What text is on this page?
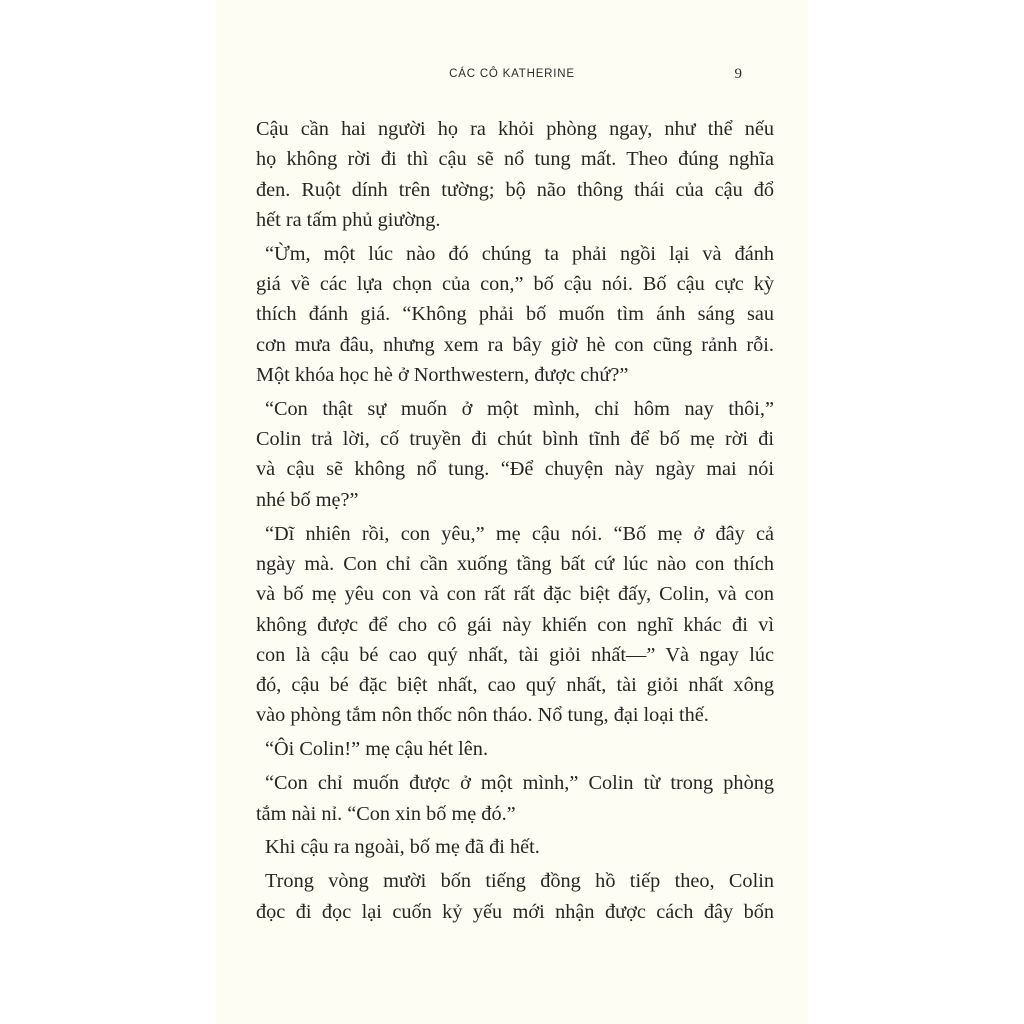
CÁC CÔ KATHERINE	9
Cậu cần hai người họ ra khỏi phòng ngay, như thể nếu
họ không rời đi thì cậu sẽ nổ tung mất. Theo đúng nghĩa
đen. Ruột dính trên tường; bộ não thông thái của cậu đổ
hết ra tấm phủ giường.
“Ừm, một lúc nào đó chúng ta phải ngồi lại và đánh
giá về các lựa chọn của con,” bố cậu nói. Bố cậu cực kỳ
thích đánh giá. “Không phải bố muốn tìm ánh sáng sau
cơn mưa đâu, nhưng xem ra bây giờ hè con cũng rảnh rỗi.
Một khóa học hè ở Northwestern, được chứ?”
“Con thật sự muốn ở một mình, chỉ hôm nay thôi,”
Colin trả lời, cố truyền đi chút bình tĩnh để bố mẹ rời đi
và cậu sẽ không nổ tung. “Để chuyện này ngày mai nói
nhé bố mẹ?”
“Dĩ nhiên rồi, con yêu,” mẹ cậu nói. “Bố mẹ ở đây cả
ngày mà. Con chỉ cần xuống tầng bất cứ lúc nào con thích
và bố mẹ yêu con và con rất rất đặc biệt đấy, Colin, và con
không được để cho cô gái này khiến con nghĩ khác đi vì
con là cậu bé cao quý nhất, tài giỏi nhất—” Và ngay lúc
đó, cậu bé đặc biệt nhất, cao quý nhất, tài giỏi nhất xông
vào phòng tắm nôn thốc nôn tháo. Nổ tung, đại loại thế.
“Ôi Colin!” mẹ cậu hét lên.
“Con chỉ muốn được ở một mình,” Colin từ trong phòng
tắm nài nỉ. “Con xin bố mẹ đó.”
Khi cậu ra ngoài, bố mẹ đã đi hết.
Trong vòng mười bốn tiếng đồng hồ tiếp theo, Colin
đọc đi đọc lại cuốn kỷ yếu mới nhận được cách đây bốn
